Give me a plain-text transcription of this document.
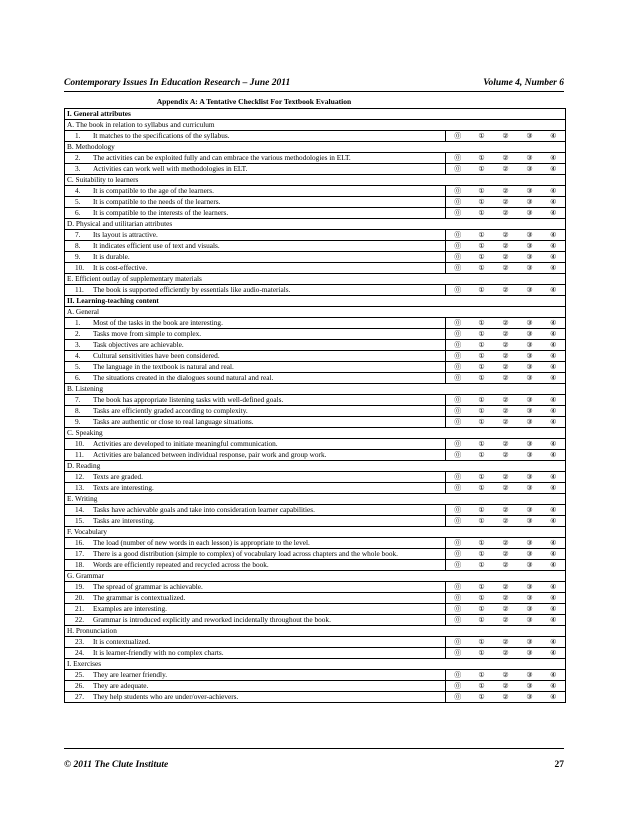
Contemporary Issues In Education Research – June 2011	Volume 4, Number 6
Appendix A: A Tentative Checklist For Textbook Evaluation
I. General attributes					
A. The book in relation to syllabus and curriculum					
1. It matches to the specifications of the syllabus.	⓪	①	②	③	④
B. Methodology					
2. The activities can be exploited fully and can embrace the various methodologies in ELT.	⓪	①	②	③	④
3. Activities can work well with methodologies in ELT.	⓪	①	②	③	④
C. Suitability to learners					
4. It is compatible to the age of the learners.	⓪	①	②	③	④
5. It is compatible to the needs of the learners.	⓪	①	②	③	④
6. It is compatible to the interests of the learners.	⓪	①	②	③	④
D. Physical and utilitarian attributes					
7. Its layout is attractive.	⓪	①	②	③	④
8. It indicates efficient use of text and visuals.	⓪	①	②	③	④
9. It is durable.	⓪	①	②	③	④
10. It is cost-effective.	⓪	①	②	③	④
E. Efficient outlay of supplementary materials					
11. The book is supported efficiently by essentials like audio-materials.	⓪	①	②	③	④
II. Learning-teaching content					
A. General					
1. Most of the tasks in the book are interesting.	⓪	①	②	③	④
2. Tasks move from simple to complex.	⓪	①	②	③	④
3. Task objectives are achievable.	⓪	①	②	③	④
4. Cultural sensitivities have been considered.	⓪	①	②	③	④
5. The language in the textbook is natural and real.	⓪	①	②	③	④
6. The situations created in the dialogues sound natural and real.	⓪	①	②	③	④
B. Listening					
7. The book has appropriate listening tasks with well-defined goals.	⓪	①	②	③	④
8. Tasks are efficiently graded according to complexity.	⓪	①	②	③	④
9. Tasks are authentic or close to real language situations.	⓪	①	②	③	④
C. Speaking					
10. Activities are developed to initiate meaningful communication.	⓪	①	②	③	④
11. Activities are balanced between individual response, pair work and group work.	⓪	①	②	③	④
D. Reading					
12. Texts are graded.	⓪	①	②	③	④
13. Texts are interesting.	⓪	①	②	③	④
E. Writing					
14. Tasks have achievable goals and take into consideration learner capabilities.	⓪	①	②	③	④
15. Tasks are interesting.	⓪	①	②	③	④
F. Vocabulary					
16. The load (number of new words in each lesson) is appropriate to the level.	⓪	①	②	③	④
17. There is a good distribution (simple to complex) of vocabulary load across chapters and the whole book.	⓪	①	②	③	④
18. Words are efficiently repeated and recycled across the book.	⓪	①	②	③	④
G. Grammar					
19. The spread of grammar is achievable.	⓪	①	②	③	④
20. The grammar is contextualized.	⓪	①	②	③	④
21. Examples are interesting.	⓪	①	②	③	④
22. Grammar is introduced explicitly and reworked incidentally throughout the book.	⓪	①	②	③	④
H. Pronunciation					
23. It is contextualized.	⓪	①	②	③	④
24. It is learner-friendly with no complex charts.	⓪	①	②	③	④
I. Exercises					
25. They are learner friendly.	⓪	①	②	③	④
26. They are adequate.	⓪	①	②	③	④
27. They help students who are under/over-achievers.	⓪	①	②	③	④
© 2011 The Clute Institute	27
